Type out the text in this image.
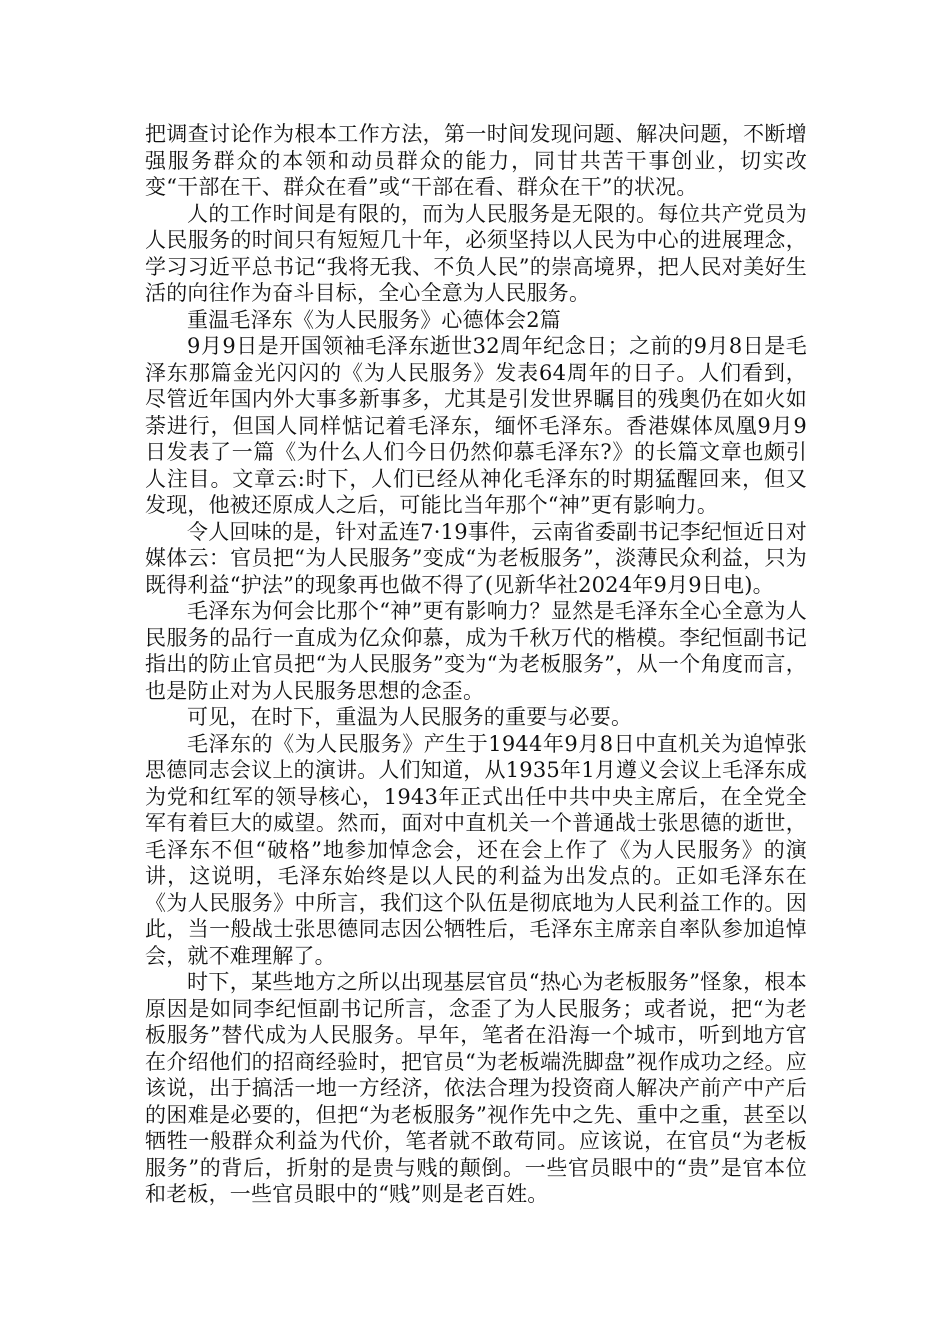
把调查讨论作为根本工作方法，第一时间发现问题、解决问题，不断增强服务群众的本领和动员群众的能力，同甘共苦干事创业，切实改变“干部在干、群众在看”或“干部在看、群众在干”的状况。

人的工作时间是有限的，而为人民服务是无限的。每位共产党员为人民服务的时间只有短短几十年，必须坚持以人民为中心的进展理念，学习习近平总书记“我将无我、不负人民”的崇高境界，把人民对美好生活的向往作为奋斗目标，全心全意为人民服务。

重温毛泽东《为人民服务》心德体会2篇

9月9日是开国领袖毛泽东逝世32周年纪念日；之前的9月8日是毛泽东那篇金光闪闪的《为人民服务》发表64周年的日子。人们看到，尽管近年国内外大事多新事多，尤其是引发世界瞩目的残奥仍在如火如荼进行，但国人同样惦记着毛泽东，缅怀毛泽东。香港媒体凤凰9月9日发表了一篇《为什么人们今日仍然仰慕毛泽东?》的长篇文章也颇引人注目。文章云:时下，人们已经从神化毛泽东的时期猛醒回来，但又发现，他被还原成人之后，可能比当年那个“神”更有影响力。

令人回味的是，针对孟连7·19事件，云南省委副书记李纪恒近日对媒体云：官员把“为人民服务”变成“为老板服务”，淡薄民众利益，只为既得利益“护法”的现象再也做不得了(见新华社2024年9月9日电)。

毛泽东为何会比那个“神”更有影响力？显然是毛泽东全心全意为人民服务的品行一直成为亿众仰慕，成为千秋万代的楷模。李纪恒副书记指出的防止官员把“为人民服务”变为“为老板服务”，从一个角度而言，也是防止对为人民服务思想的念歪。

可见，在时下，重温为人民服务的重要与必要。

毛泽东的《为人民服务》产生于1944年9月8日中直机关为追悼张思德同志会议上的演讲。人们知道，从1935年1月遵义会议上毛泽东成为党和红军的领导核心，1943年正式出任中共中央主席后，在全党全军有着巨大的威望。然而，面对中直机关一个普通战士张思德的逝世，毛泽东不但“破格”地参加悼念会，还在会上作了《为人民服务》的演讲，这说明，毛泽东始终是以人民的利益为出发点的。正如毛泽东在《为人民服务》中所言，我们这个队伍是彻底地为人民利益工作的。因此，当一般战士张思德同志因公牺牲后，毛泽东主席亲自率队参加追悼会，就不难理解了。

时下，某些地方之所以出现基层官员“热心为老板服务”怪象，根本原因是如同李纪恒副书记所言，念歪了为人民服务；或者说，把“为老板服务”替代成为人民服务。早年，笔者在沿海一个城市，听到地方官在介绍他们的招商经验时，把官员“为老板端洗脚盘”视作成功之经。应该说，出于搞活一地一方经济，依法合理为投资商人解决产前产中产后的困难是必要的，但把“为老板服务”视作先中之先、重中之重，甚至以牺牲一般群众利益为代价，笔者就不敢苟同。应该说，在官员“为老板服务”的背后，折射的是贵与贱的颠倒。一些官员眼中的“贵”是官本位和老板，一些官员眼中的“贱”则是老百姓。
